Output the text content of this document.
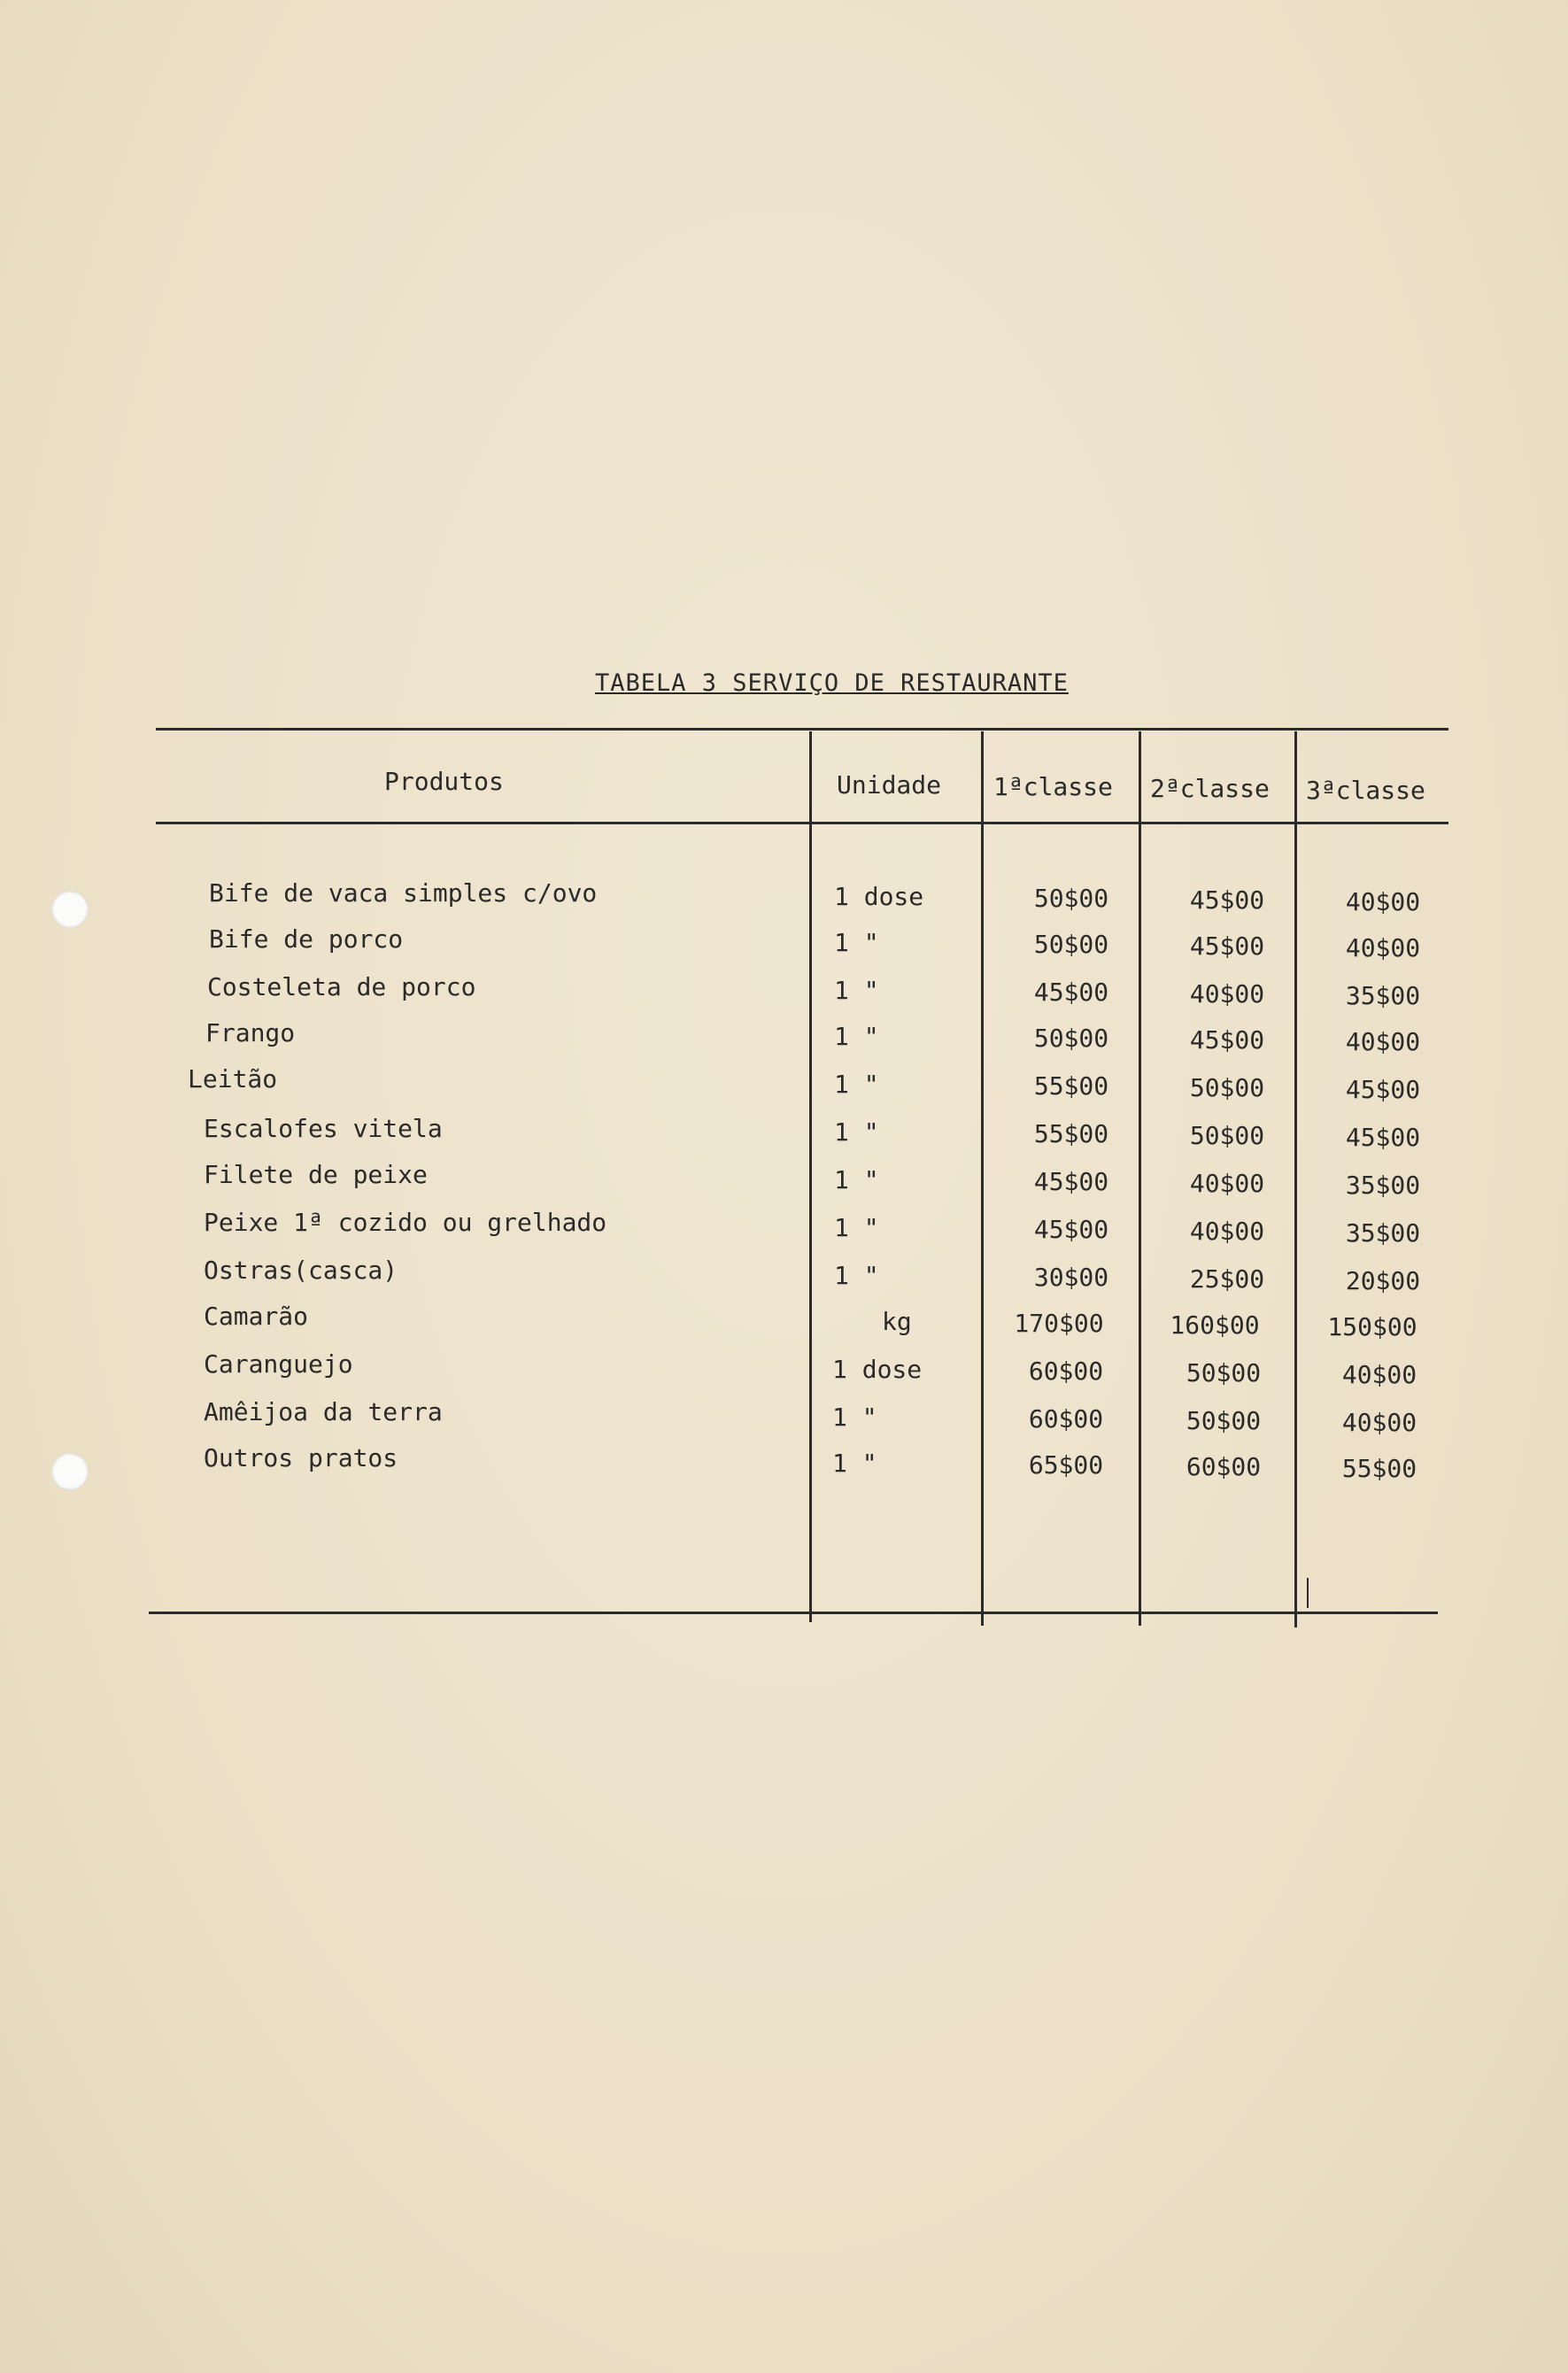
TABELA 3 SERVIÇO DE RESTAURANTE
Produtos	Unidade 1ªclasse 2ªclasse 3ªclasse
Bife de vaca simples c/ovo	1 dose	50$00	45$00	40$00
Bife de porco	1 "	50$00	45$00	40$00
Costeleta de porco	1 "	45$00	40$00	35$00
Frango	1 "	50$00	45$00	40$00
Leitão	1 "	55$00	50$00	45$00
Escalofes vitela	1 "	55$00	50$00	45$00
Filete de peixe	1 "	45$00	40$00	35$00
Peixe 1ª cozido ou grelhado	1 "	45$00	40$00	35$00
Ostras(casca)	1 "	30$00	25$00	20$00
Camarão	kg	170$00	160$00	150$00
Caranguejo	1 dose	60$00	50$00	40$00
Amêijoa da terra	1 "	60$00	50$00	40$00
Outros pratos	1 "	65$00	60$00	55$00
